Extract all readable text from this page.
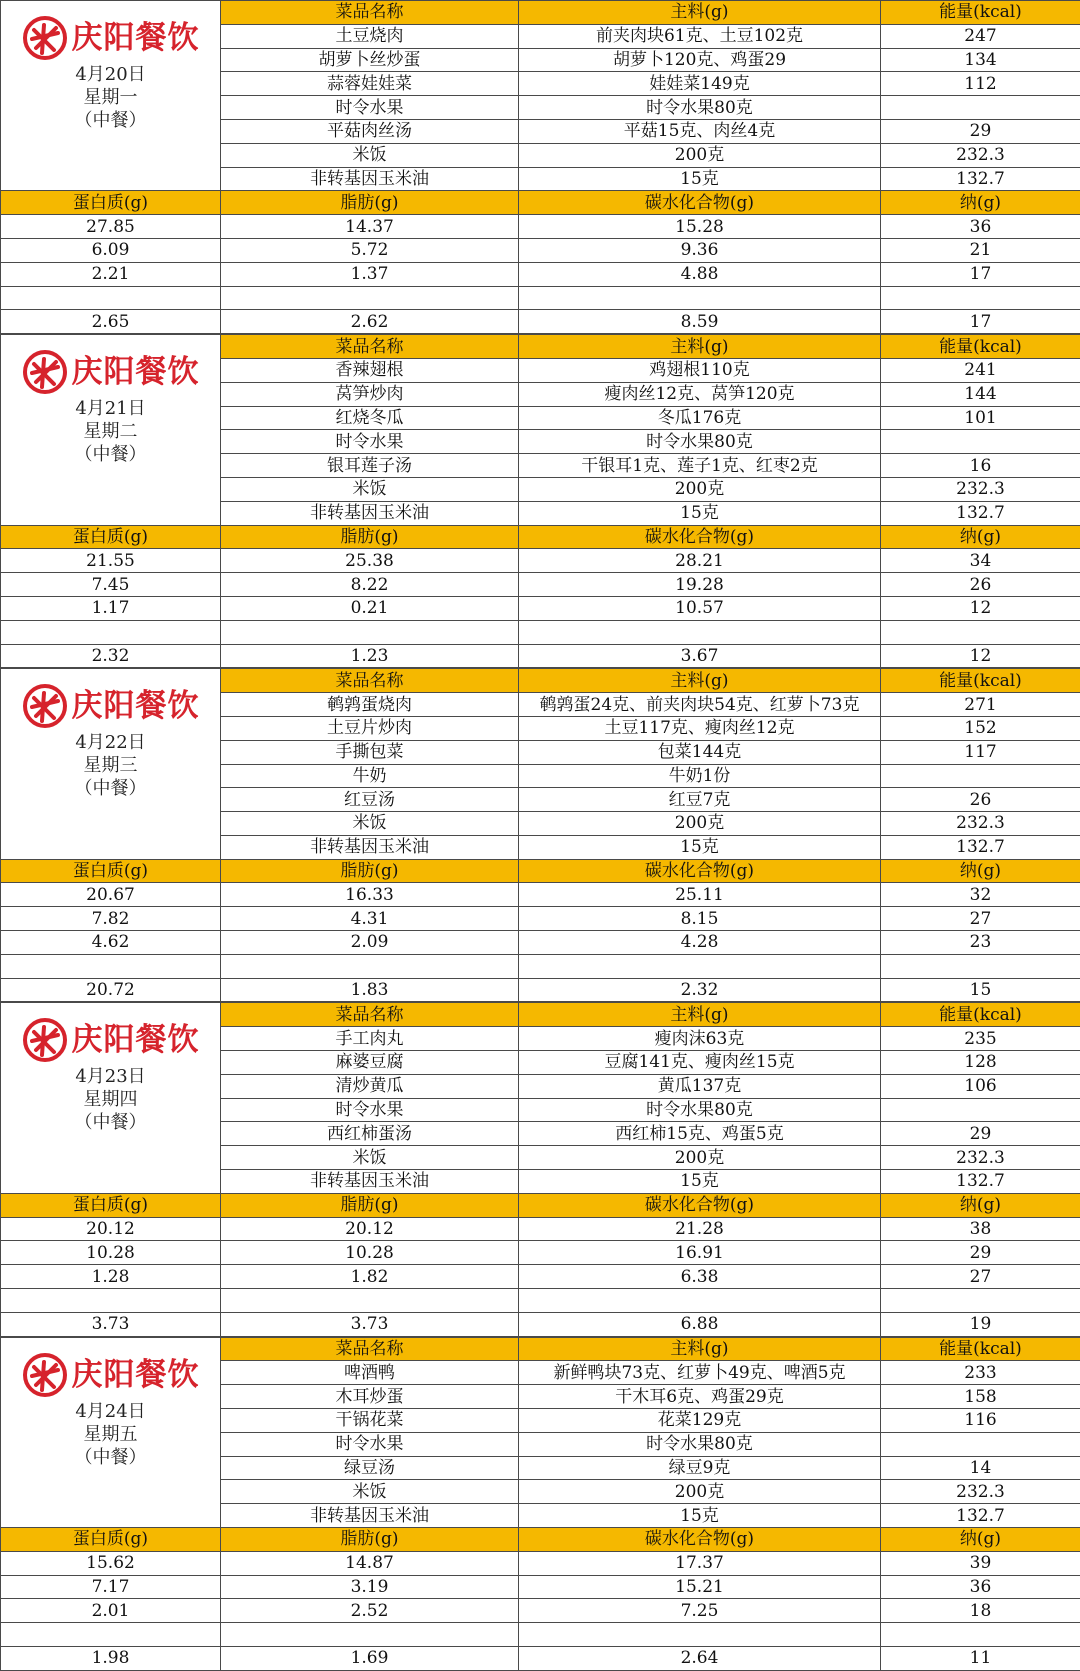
庆阳餐饮
4月20日
星期一
（中餐）	菜品名称	主料(g)	能量(kcal)
	土豆烧肉	前夹肉块61克、土豆102克	247
	胡萝卜丝炒蛋	胡萝卜120克、鸡蛋29	134
	蒜蓉娃娃菜	娃娃菜149克	112
	时令水果	时令水果80克	
	平菇肉丝汤	平菇15克、肉丝4克	29
	米饭	200克	232.3
	非转基因玉米油	15克	132.7
蛋白质(g)	脂肪(g)	碳水化合物(g)	纳(g)
27.85	14.37	15.28	36
6.09	5.72	9.36	21
2.21	1.37	4.88	17

2.65	2.62	8.59	17
庆阳餐饮
4月21日
星期二
（中餐）	菜品名称	主料(g)	能量(kcal)
	香辣翅根	鸡翅根110克	241
	莴笋炒肉	瘦肉丝12克、莴笋120克	144
	红烧冬瓜	冬瓜176克	101
	时令水果	时令水果80克	
	银耳莲子汤	干银耳1克、莲子1克、红枣2克	16
	米饭	200克	232.3
	非转基因玉米油	15克	132.7
蛋白质(g)	脂肪(g)	碳水化合物(g)	纳(g)
21.55	25.38	28.21	34
7.45	8.22	19.28	26
1.17	0.21	10.57	12

2.32	1.23	3.67	12
庆阳餐饮
4月22日
星期三
（中餐）	菜品名称	主料(g)	能量(kcal)
	鹌鹑蛋烧肉	鹌鹑蛋24克、前夹肉块54克、红萝卜73克	271
	土豆片炒肉	土豆117克、瘦肉丝12克	152
	手撕包菜	包菜144克	117
	牛奶	牛奶1份	
	红豆汤	红豆7克	26
	米饭	200克	232.3
	非转基因玉米油	15克	132.7
蛋白质(g)	脂肪(g)	碳水化合物(g)	纳(g)
20.67	16.33	25.11	32
7.82	4.31	8.15	27
4.62	2.09	4.28	23

20.72	1.83	2.32	15
庆阳餐饮
4月23日
星期四
（中餐）	菜品名称	主料(g)	能量(kcal)
	手工肉丸	瘦肉沫63克	235
	麻婆豆腐	豆腐141克、瘦肉丝15克	128
	清炒黄瓜	黄瓜137克	106
	时令水果	时令水果80克	
	西红柿蛋汤	西红柿15克、鸡蛋5克	29
	米饭	200克	232.3
	非转基因玉米油	15克	132.7
蛋白质(g)	脂肪(g)	碳水化合物(g)	纳(g)
20.12	20.12	21.28	38
10.28	10.28	16.91	29
1.28	1.82	6.38	27

3.73	3.73	6.88	19
庆阳餐饮
4月24日
星期五
（中餐）	菜品名称	主料(g)	能量(kcal)
	啤酒鸭	新鲜鸭块73克、红萝卜49克、啤酒5克	233
	木耳炒蛋	干木耳6克、鸡蛋29克	158
	干锅花菜	花菜129克	116
	时令水果	时令水果80克	
	绿豆汤	绿豆9克	14
	米饭	200克	232.3
	非转基因玉米油	15克	132.7
蛋白质(g)	脂肪(g)	碳水化合物(g)	纳(g)
15.62	14.87	17.37	39
7.17	3.19	15.21	36
2.01	2.52	7.25	18

1.98	1.69	2.64	11
